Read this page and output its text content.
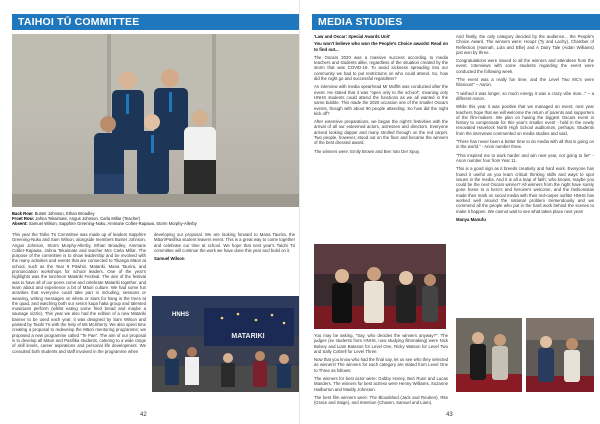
TAIHOI TŪ COMMITTEE
Back Row: Buster Johnson, Ethan Broadley
Front Row: Jahna Tekaimate, Angus Johnson, Carla Millar (Teacher)
Absent: Samuel Wilson, Sapphire Greening-Nuku, Ammarie Collier-Rapawa, Storm Murphy-Allerby

This year the Taiho Tū Committee was made up of leaders Sapphire Greening-Nuku and Sam Wilson, alongside members Buster Johnson, Angus Johnson, Storm Murphy-Allerby, Ethan Broadley, Ammarie Collier-Rapawa, Jahna Tekaimate and teacher Mrs Carla Millar. The purpose of the committee is to show leadership and be involved with the many activities and events that are connected to Tikanga Māori at school, such as the Year 9 Pōwhiri, Matariki, Mana Taurira, and pronunciation workshops for school leaders. One of the year's highlights was the luncheon Matariki Festival. The aim of the festival was to have all of our peers come and celebrate Matariki together, and learn about and experience a bit of Māori culture. We had some fun activities that everyone could take part in including, sessions or weaving, writing messages on whetu or stars for hang in the trees at the quad, and watching both our senior kapa haka group and talented musicians perform (whilst eating some fried bread and maybe a sausage sizzle). This year we also had the edition of a new Matariki banner to be used each year, it was designed by Sam Wilson and painted by Taiohi Tū with the help of Ms McSherry. We also spent time creating a proposal to redevelop the Māori mentoring programme; we proposed a new programme called "Te Pae". The aim of our proposal is to develop all Māori and Pasifika students, catering to a wide range of skill levels, career aspirations and personal life development. We consulted both students and staff involved in the programme when

developing our proposal. We are looking forward to Mana Taurira, the Māori/Pasifika student leavers event. This is a great way to come together and celebrate our time at school. We hope that next year's Taiohi Tū committee will continue the work we have done this year and build on it.

Samuel Wilson

MATARIKI
HNHS
42
MEDIA STUDIES

'Law and Oscar: Special Awards Unit'

You won't believe who won the People's Choice awards! Read on to find out...

The Oscars 2020 was a massive success according to media teachers and students alike, regardless of the situation created by the storm that was COVID-19. To avoid sickness spreading into our community we had to put restrictions on who could attend. So, how did the night go and successful regardless?

An interview with media spearhead Mr Moffitt was conducted after the event. He stated that it was "open only to the school", meaning only HNHS students could attend the functions as we all wanted in the same bubble. This made the 2020 occasion one of the smaller Oscars events, though with about 90 people attending. So how did the night kick off?

After extensive preparations, we began the night's festivities with the arrival of all our esteemed actors, actresses and directors. Everyone arrived looking dapper and many strolled through on the red carpet. Two people, however, stood out on the floor and became the winners of the best dressed award.

The winners were: Emily Brown and Ben Van Der Spuy.

You may be asking, "Say, who decides the winners anyway?". The judges (ex students from HNHS, now studying filmmaking) were Nick Belsey and Liam Bateson for Level One, Ricky Watson for Level Two and Sally Cottrell for Level Three.

Now that you know who had the final say, let us see who they selected as winners! The winners for each category are stated from Level One to Three as follows:

The winners for best actor were: Gubby Honey, Ben Rusn and Lucas Manders. The winners for best actress were Henny Williams, Suzanne Hailburton and Maddy Johnston.

The best film winners were: The Bloodshed (Jack and Reuben), Rite (Grace and Saige), and Intention (Chasen, Samuel and Liam).

And finally, the only category decided by the audience... the People's Choice Award. The winners were: Hoopz (Ty and Lachy), Chamber of Reflection (Hannah, Lola and Ellie) and A Dairy Tale (Aidan Williams) just won by three.

Congratulations were issued to all the winners and attendees from the event. Interviews with some students regarding the event were conducted the following week.

"The event was a really fun time, and the Level Two MC's were hilarious!" – Aaron.

"I wished it was longer, so much energy it was a crazy vibe man..." – a different Aaron.

While this year it was positive that we managed an event, next year teachers hope that we will welcome the return of parents and supporters of the film-makers. We plan on having the biggest Oscars event in history to compensate for this year's smaller event - held in the newly renovated Havelock North High School auditorium, perhaps. Students from the interviews commented on media studies and said,

"There has never been a better time to do media with all that is going on in the world." - Anon number three.

"This inspired me to work harder and win next year, not going to lie!" - Anon number four from Year 11.

This is a good sign as it breeds creativity and hard work. Everyone has found it useful as you learn critical thinking skills and ways to spot issues in the media. And it is all a leap of faith; who knows, maybe you could be the next Oscars winner? All winners from the night have surely gone home to a hero's and heroine's welcome, and the fashionistas made their mark on social media with their red-carpet outfits! HNHS has worked well around the national problem tremendously and we commend all the people who put in the hard work behind the scenes to make it happen. We cannot wait to see what takes place next year!

Manya Manufu

43
